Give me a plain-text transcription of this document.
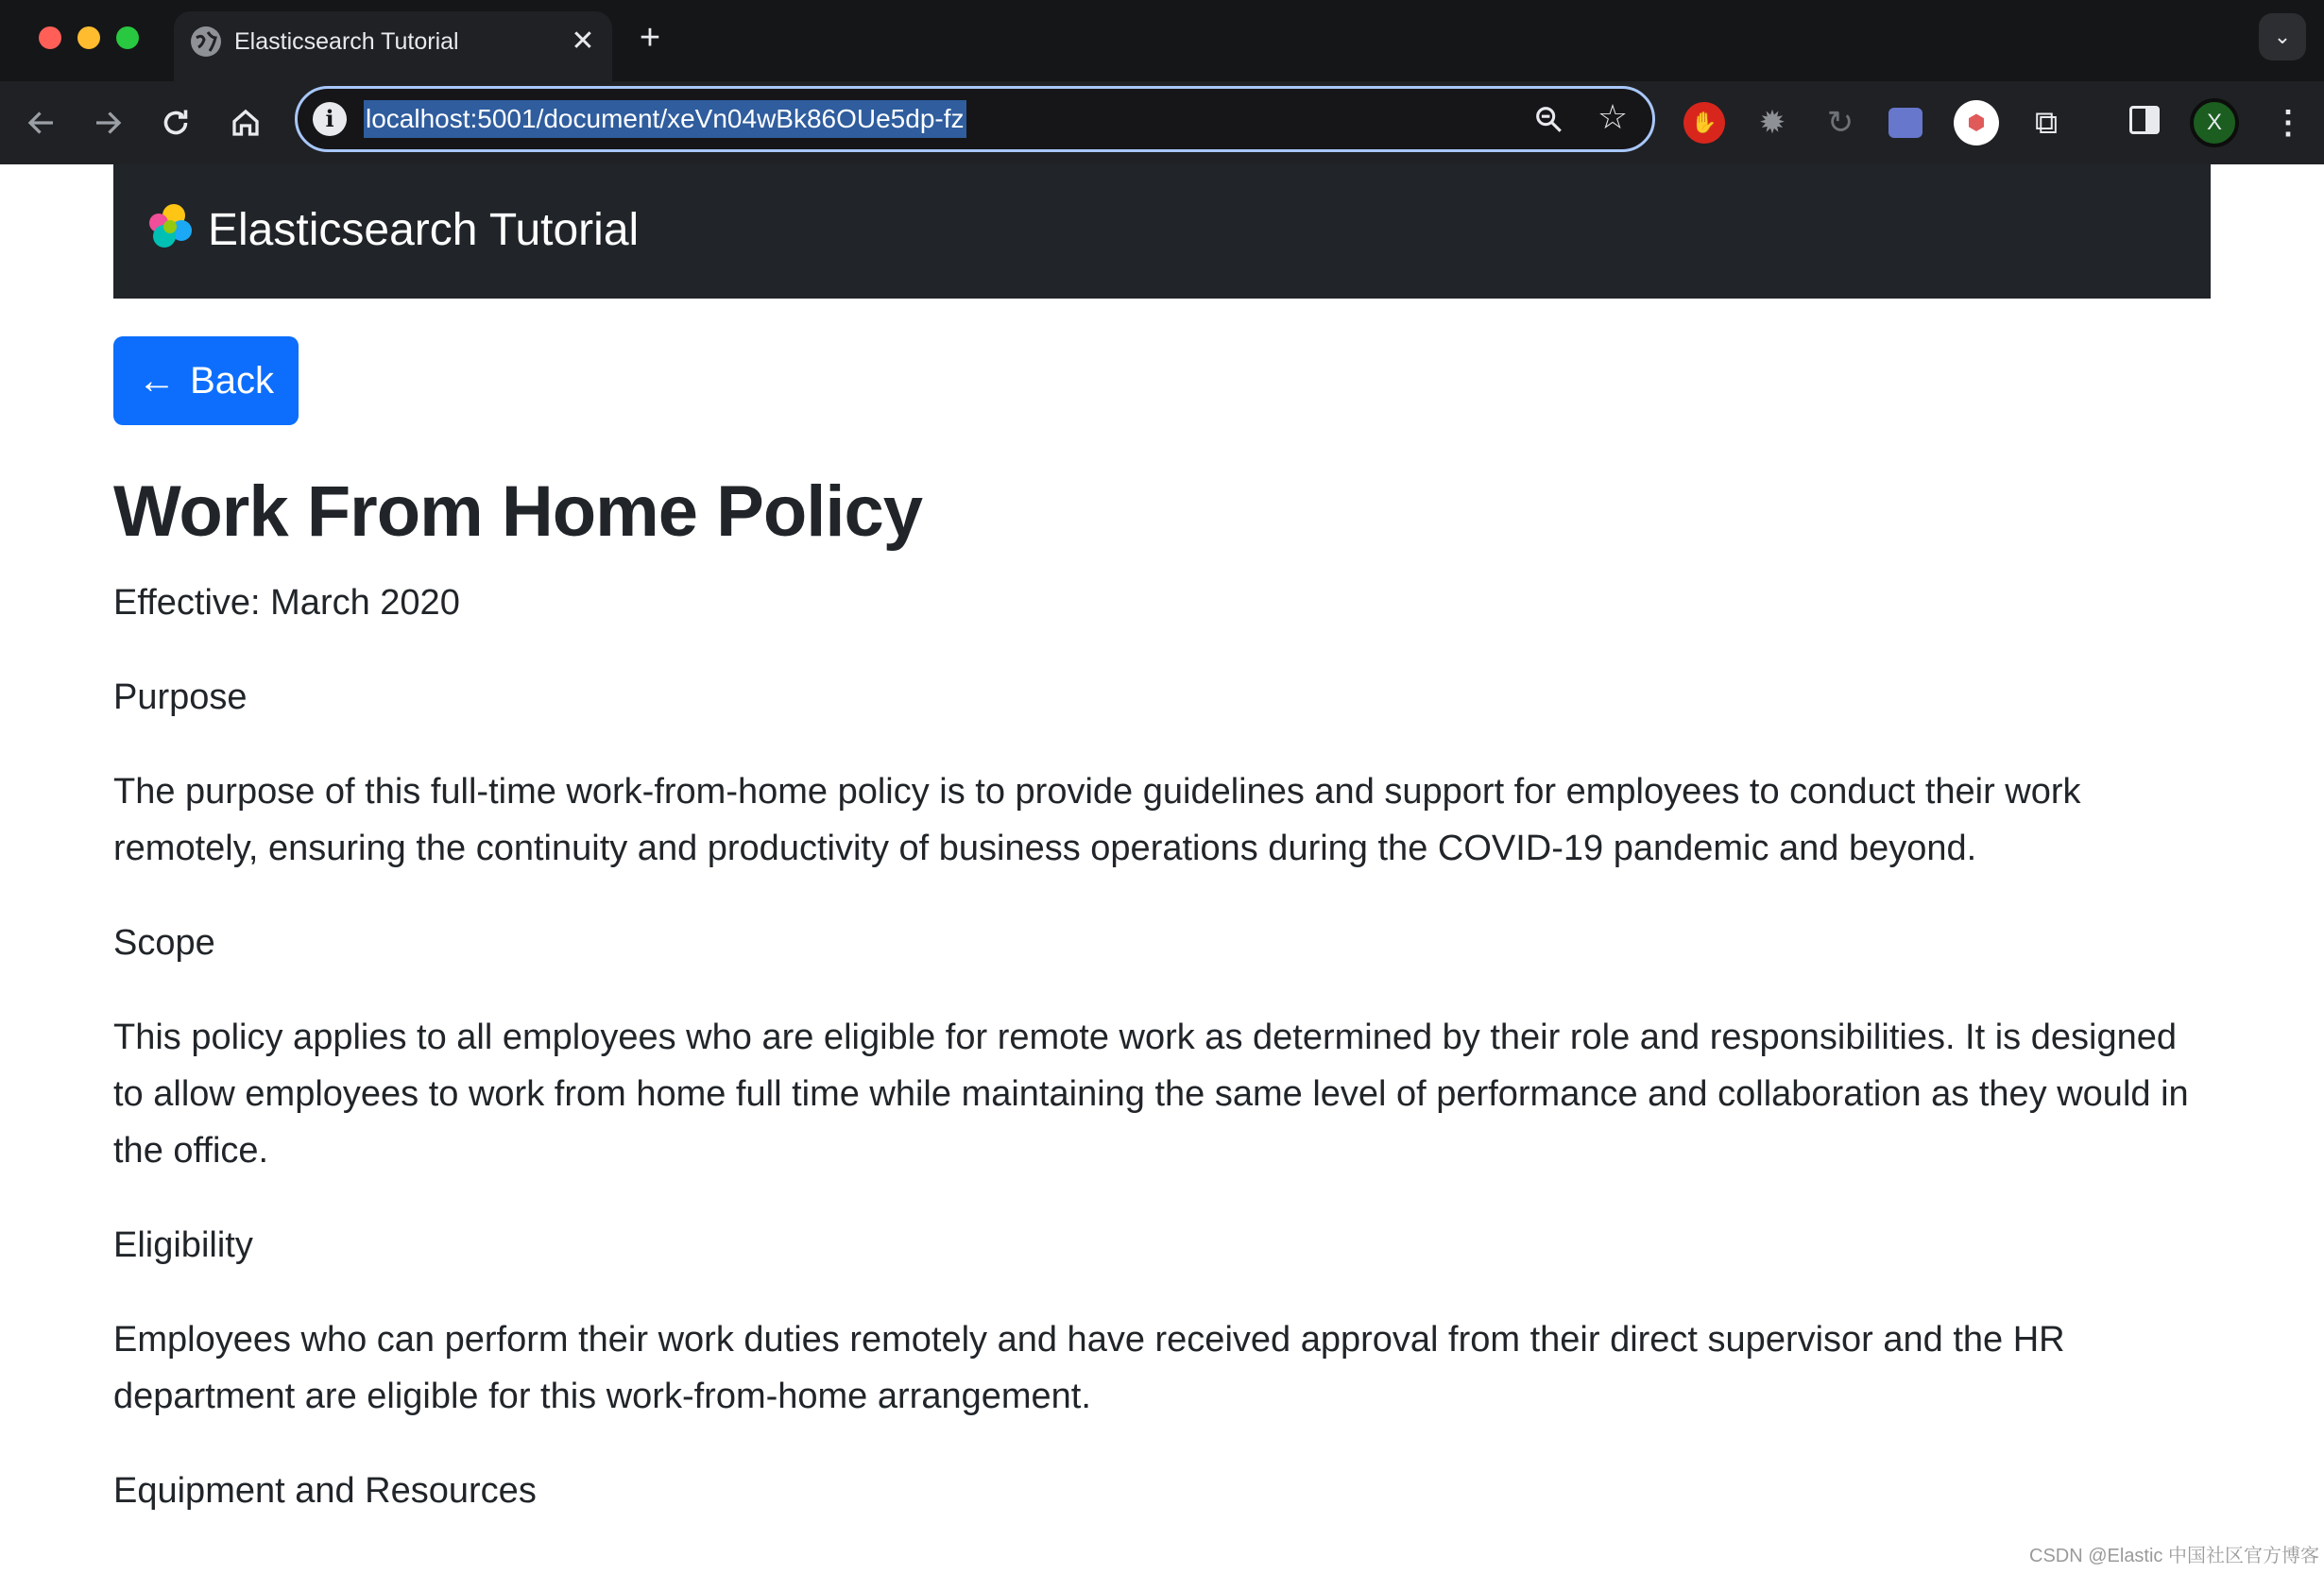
Elasticsearch Tutorial	✕ +	⌄
i	localhost:5001/document/xeVn04wBk86OUe5dp-fz	☆	✋ ✹ ↻	⬢	⧉	X	⋮
Elasticsearch Tutorial
← Back
Work From Home Policy

Effective: March 2020

Purpose

The purpose of this full-time work-from-home policy is to provide guidelines and support for employees to conduct their work remotely, ensuring the continuity and productivity of business operations during the COVID-19 pandemic and beyond.

Scope

This policy applies to all employees who are eligible for remote work as determined by their role and responsibilities. It is designed to allow employees to work from home full time while maintaining the same level of performance and collaboration as they would in the office.

Eligibility

Employees who can perform their work duties remotely and have received approval from their direct supervisor and the HR department are eligible for this work-from-home arrangement.

Equipment and Resources

CSDN @Elastic 中国社区官方博客
